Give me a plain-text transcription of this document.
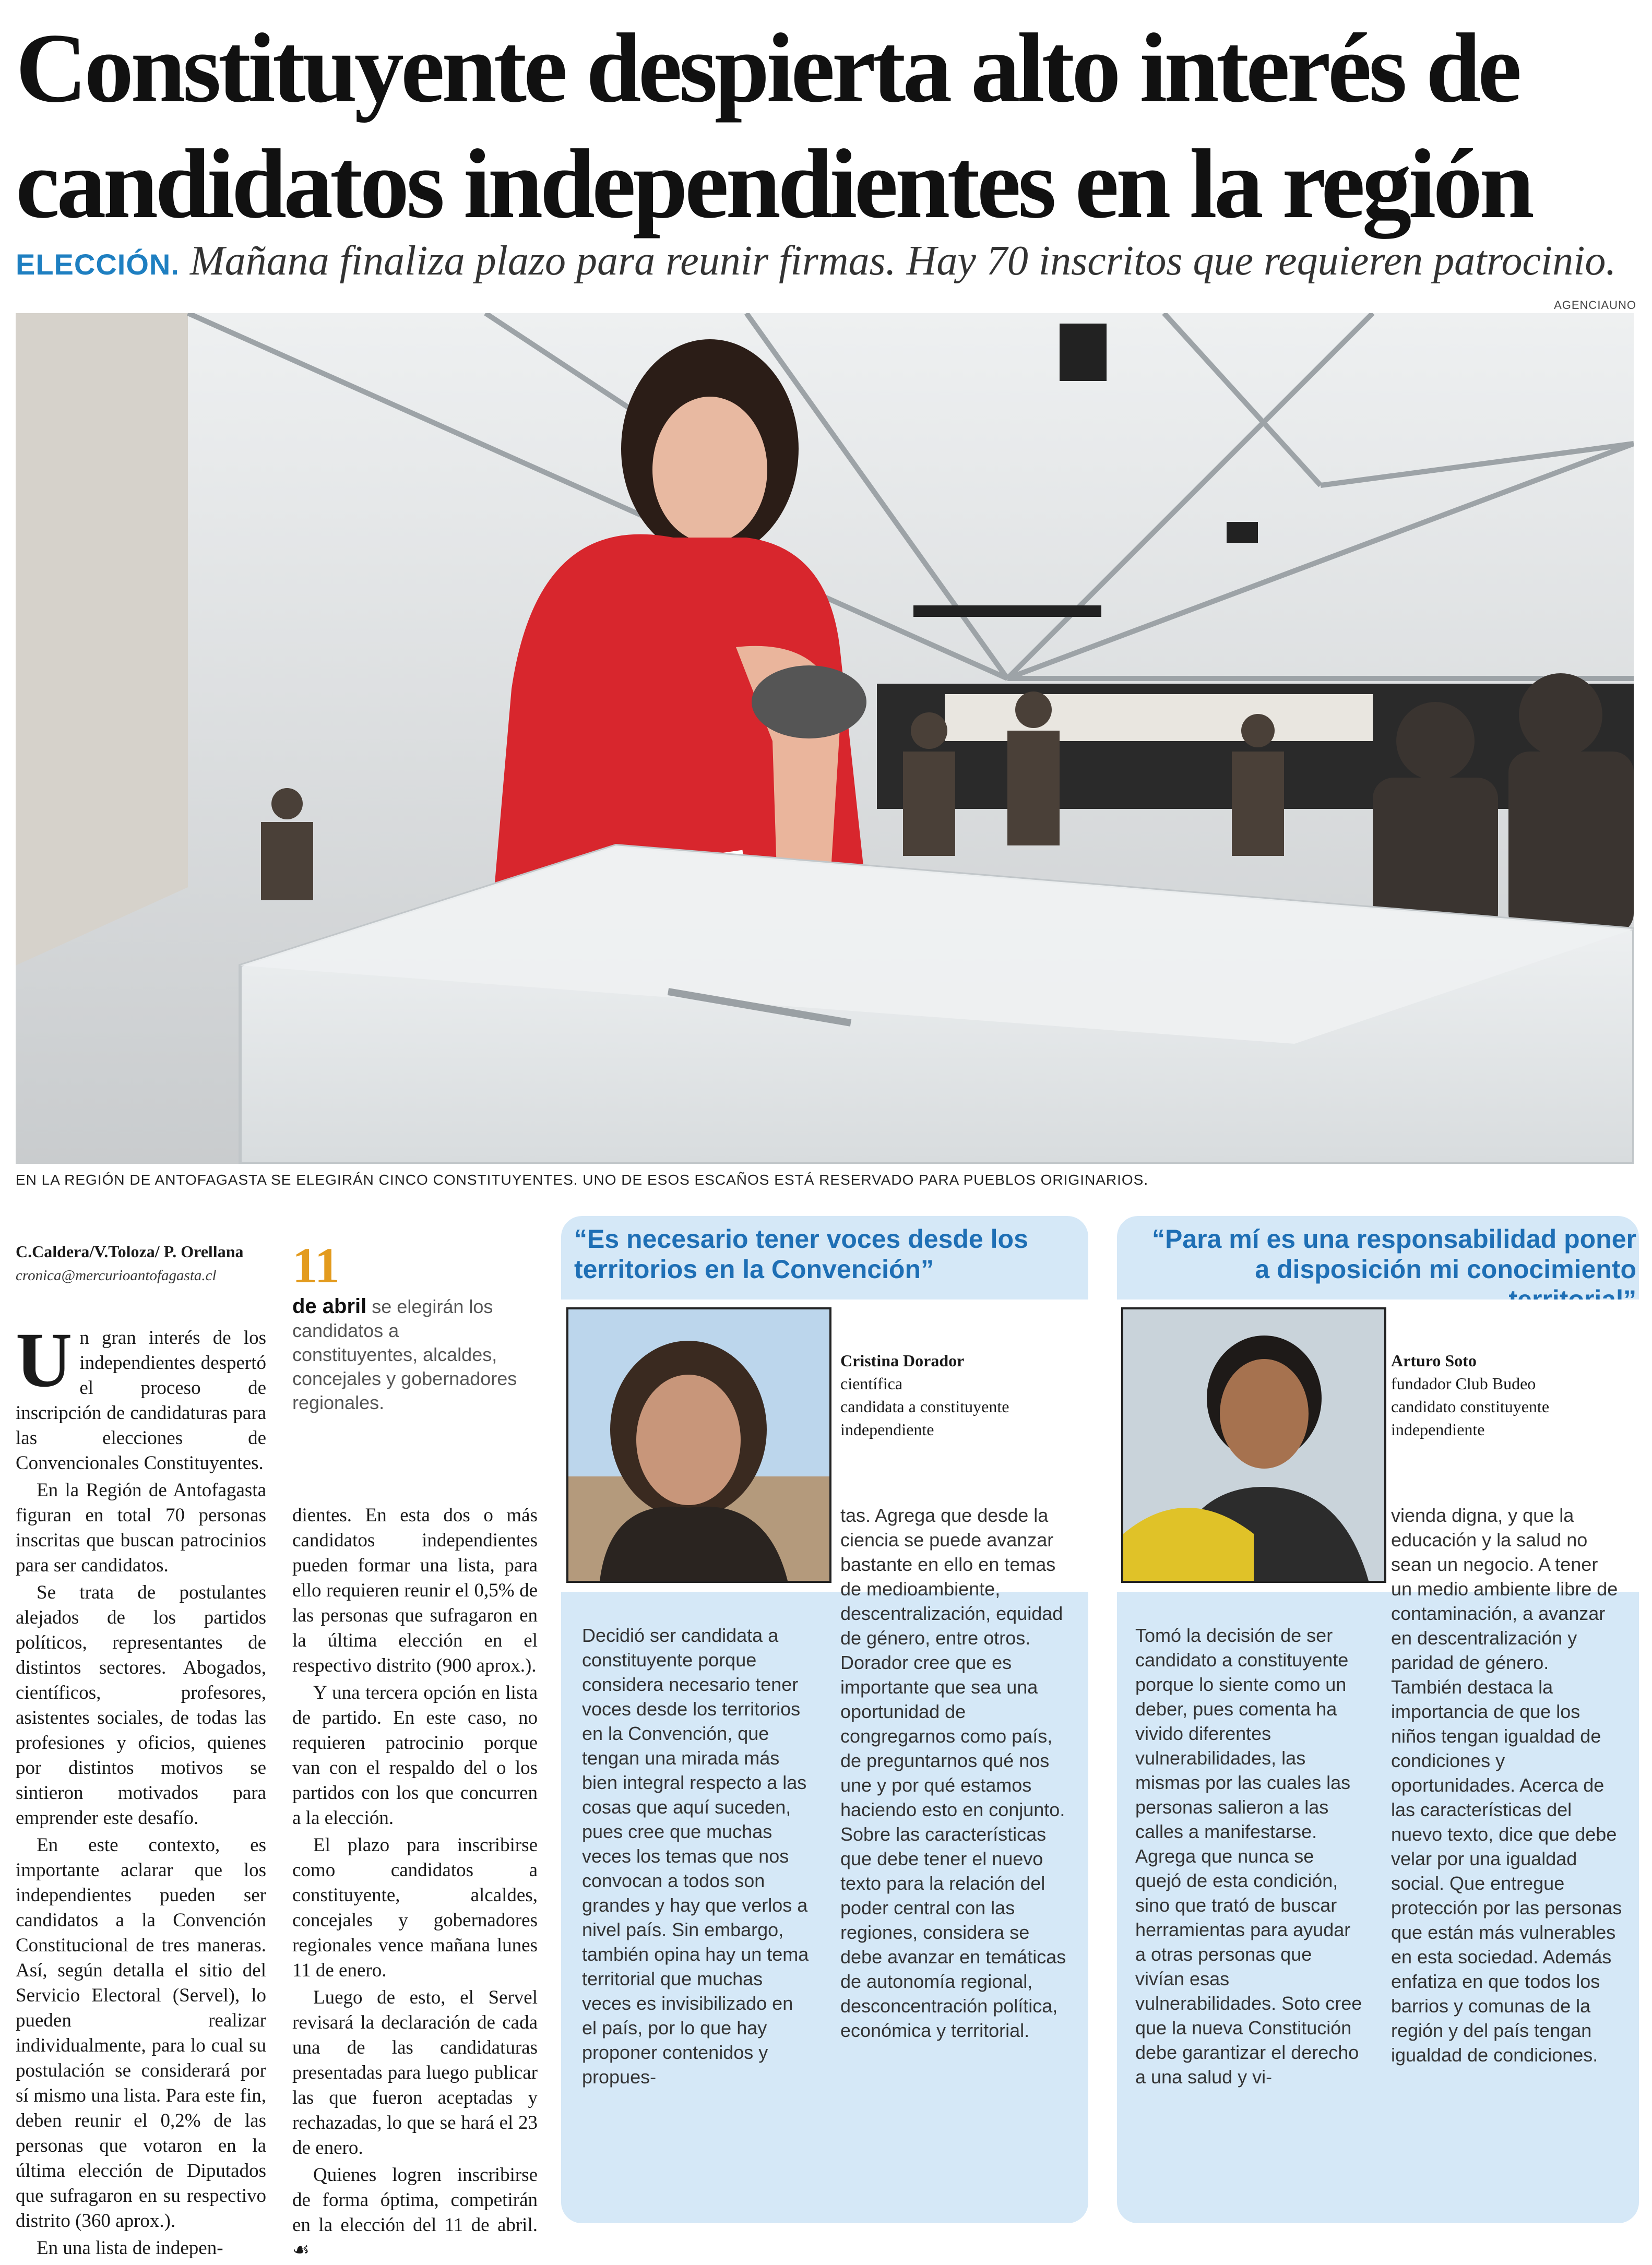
Constituyente despierta alto interés de
candidatos independientes en la región
ELECCIÓN. Mañana finaliza plazo para reunir firmas. Hay 70 inscritos que requieren patrocinio.
AGENCIAUNO
EN LA REGIÓN DE ANTOFAGASTA SE ELEGIRÁN CINCO CONSTITUYENTES. UNO DE ESOS ESCAÑOS ESTÁ RESERVADO PARA PUEBLOS ORIGINARIOS.
C.Caldera/V.Toloza/ P. Orellana
cronica@mercurioantofagasta.cl	11
de abril se elegirán los candidatos a constituyentes, alcaldes, concejales y gobernadores regionales.
U n gran interés de los independientes despertó el proceso de inscripción de candidaturas para las elecciones de Convencionales Constituyentes.

En la Región de Antofagasta figuran en total 70 personas inscritas que buscan patrocinios para ser candidatos.

Se trata de postulantes alejados de los partidos políticos, representantes de distintos sectores. Abogados, científicos, profesores, asistentes sociales, de todas las profesiones y oficios, quienes por distintos motivos se sintieron motivados para emprender este desafío.

En este contexto, es importante aclarar que los independientes pueden ser candidatos a la Convención Constitucional de tres maneras. Así, según detalla el sitio del Servicio Electoral (Servel), lo pueden realizar individualmente, para lo cual su postulación se considerará por sí mismo una lista. Para este fin, deben reunir el 0,2% de las personas que votaron en la última elección de Diputados que sufragaron en su respectivo distrito (360 aprox.).

En una lista de indepen-

dientes. En esta dos o más candidatos independientes pueden formar una lista, para ello requieren reunir el 0,5% de las personas que sufragaron en la última elección en el respectivo distrito (900 aprox.).

Y una tercera opción en lista de partido. En este caso, no requieren patrocinio porque van con el respaldo del o los partidos con los que concurren a la elección.

El plazo para inscribirse como candidatos a constituyente, alcaldes, concejales y gobernadores regionales vence mañana lunes 11 de enero.

Luego de esto, el Servel revisará la declaración de cada una de las candidaturas presentadas para luego publicar las que fueron aceptadas y rechazadas, lo que se hará el 23 de enero.

Quienes logren inscribirse de forma óptima, competirán en la elección del 11 de abril. ☙

“Es necesario tener voces desde los territorios en la Convención”
Cristina Dorador
científica
candidata a constituyente independiente
Decidió ser candidata a constituyente porque considera necesario tener voces desde los territorios en la Convención, que tengan una mirada más bien integral respecto a las cosas que aquí suceden, pues cree que muchas veces los temas que nos convocan a todos son grandes y hay que verlos a nivel país. Sin embargo, también opina hay un tema territorial que muchas veces es invisibilizado en el país, por lo que hay proponer contenidos y propues-
tas. Agrega que desde la ciencia se puede avanzar bastante en ello en temas de medioambiente, descentralización, equidad de género, entre otros. Dorador cree que es importante que sea una oportunidad de congregarnos como país, de preguntarnos qué nos une y por qué estamos haciendo esto en conjunto. Sobre las características que debe tener el nuevo texto para la relación del poder central con las regiones, considera se debe avanzar en temáticas de autonomía regional, desconcentración política, económica y territorial.
“Para mí es una responsabilidad poner a disposición mi conocimiento
Arturo Soto
fundador Club Budeo
candidato constituyente independiente
Tomó la decisión de ser candidato a constituyente porque lo siente como un deber, pues comenta ha vivido diferentes vulnerabilidades, las mismas por las cuales las personas salieron a las calles a manifestarse. Agrega que nunca se quejó de esta condición, sino que trató de buscar herramientas para ayudar a otras personas que vivían esas vulnerabilidades. Soto cree que la nueva Constitución debe garantizar el derecho a una salud y vi-
vienda digna, y que la educación y la salud no sean un negocio. A tener un medio ambiente libre de contaminación, a avanzar en descentralización y paridad de género. También destaca la importancia de que los niños tengan igualdad de condiciones y oportunidades. Acerca de las características del nuevo texto, dice que debe velar por una igualdad social. Que entregue protección por las personas que están más vulnerables en esta sociedad. Además enfatiza en que todos los barrios y comunas de la región y del país tengan igualdad de condiciones.
